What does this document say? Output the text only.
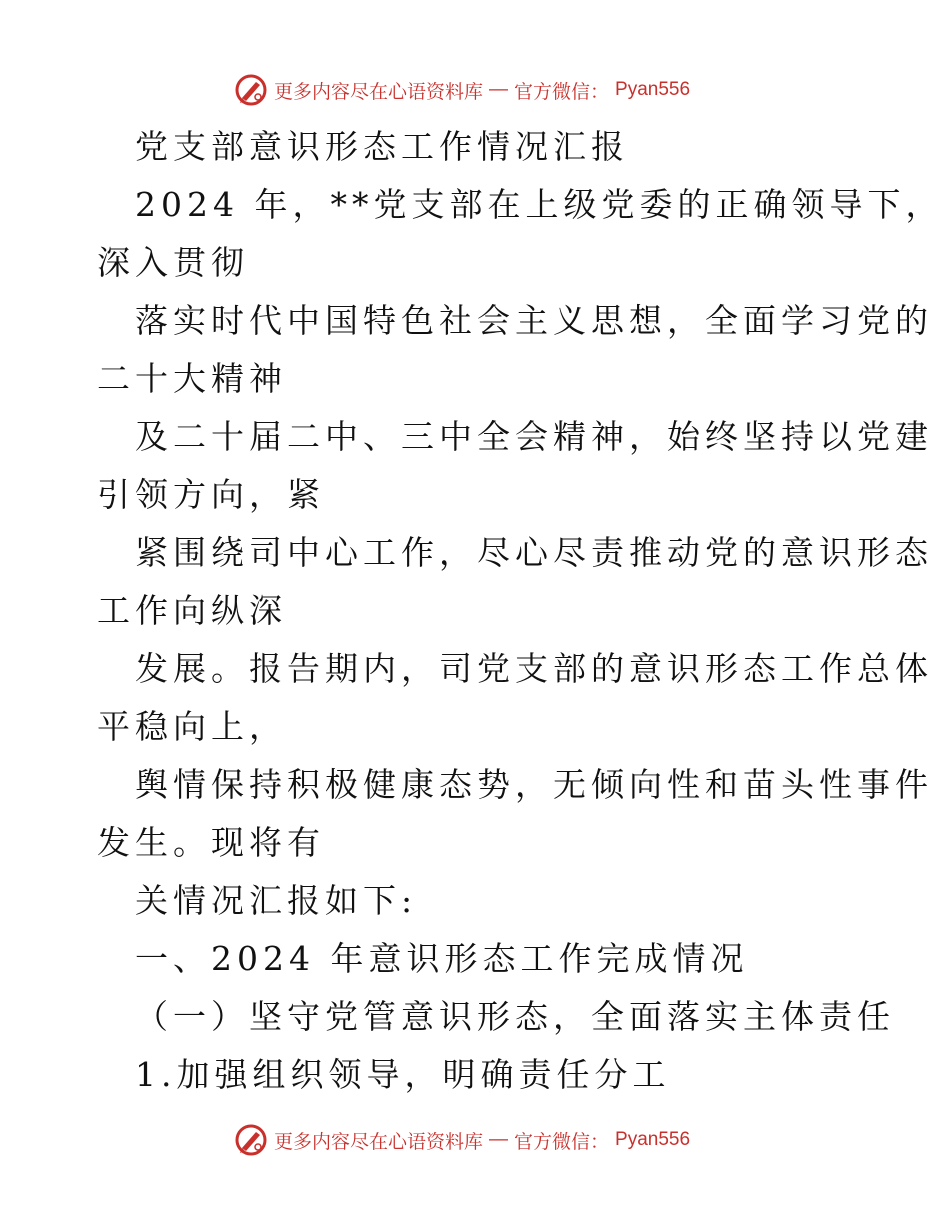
更多内容尽在心语资料库 — 官方微信： Pyan556
党支部意识形态工作情况汇报
2024 年，**党支部在上级党委的正确领导下，
深入贯彻
落实时代中国特色社会主义思想，全面学习党的
二十大精神
及二十届二中、三中全会精神，始终坚持以党建
引领方向，紧
紧围绕司中心工作，尽心尽责推动党的意识形态
工作向纵深
发展。报告期内，司党支部的意识形态工作总体
平稳向上，
舆情保持积极健康态势，无倾向性和苗头性事件
发生。现将有
关情况汇报如下:
一、2024 年意识形态工作完成情况
（一）坚守党管意识形态，全面落实主体责任
1.加强组织领导，明确责任分工
更多内容尽在心语资料库 — 官方微信： Pyan556
